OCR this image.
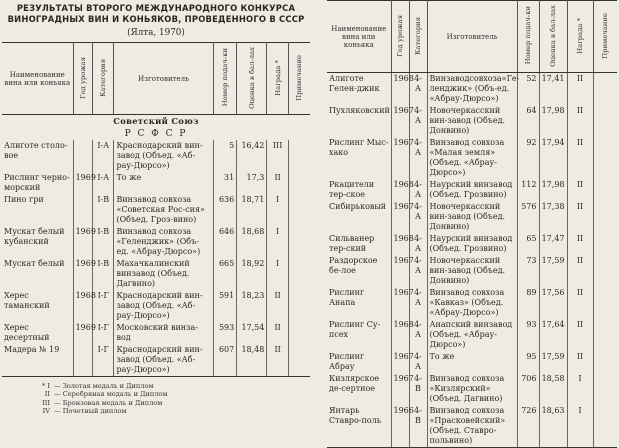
РЕЗУЛЬТАТЫ ВТОРОГО МЕЖДУНАРОДНОГО КОНКУРСА ВИНОГРАДНЫХ ВИН И КОНЬЯКОВ, ПРОВЕДЕННОГО В СССР
(Ялта, 1970)
Наименование вина или коньяка	Год урожая	Категория	Изготовитель	Номер подач-ки	Оценка в бал-лах	Награда *	Примечание
Советский Союз							
Р С Ф С Р							
Алиготе столо-вое		I-A	Краснодарский вин-завод (Объед. «Аб-рау-Дюрсо»)	5	16,42	III	
Рислинг черно-морский	1969	I-A	То же	31	17,3	II	
Пино гри		I-B	Винзавод совхоза «Советская Рос-сия» (Объед. Гроз-вино)	636	18,71	I	
Мускат белый кубанский	1969	I-B	Винзавод совхоза «Геленджик» (Объ-ед. «Абрау-Дюрсо»)	646	18,68	I	
Мускат белый	1969	I-B	Махачкалинский винзавод (Объед. Дагвино)	665	18,92	I	
Херес таманский	1968	I-Г	Краснодарский вин-завод (Объед. «Аб-рау-Дюрсо»)	591	18,23	II	
Херес десертный	1969	I-Г	Московский винза-вод	593	17,54	II	
Мадера № 19		I-Г	Краснодарский вин-завод (Объед. «Аб-рау-Дюрсо»)	607	18,48	II	
* I — Золотая медаль и Диплом
II — Серебряная медаль и Диплом
III — Бронзовая медаль и Диплом
IV — Почетный диплом
Наименование вина или коньяка	Год урожая	Категория	Изготовитель	Номер подач-ки	Оценка в бал-лах	Награда *	Примечание
Алиготе Гелен-джик	1968	4-A	Винзаводсовхоза«Ге-ленджик» (Объ-ед. «Абрау-Дюрсо»)	52	17,41	II	
Пухляковский	1967	4-A	Новочеркасский вин-завод (Объед. Донвино)	64	17,98	II	
Рислинг Мыс-хако	1967	4-A	Винзавод совхоза «Малая земля» (Объед. «Абрау-Дюрсо»)	92	17,94	II	
Ркацители тер-ское	1968	4-A	Наурский винзавод (Объед. Грозвино)	112	17,98	II	
Сибирьковый	1967	4-A	Новочеркасский вин-завод (Объед. Донвино)	576	17,38	II	
Сильванер тер-ский	1968	4-A	Наурский винзавод (Объед. Грозвино)	65	17,47	II	
Раздорское бе-лое	1967	4-A	Новочеркасский вин-завод (Объед. Донвино)	73	17,59	II	
Рислинг Анапа	1967	4-A	Винзавод совхоза «Кавказ» (Объед. «Абрау-Дюрсо»)	89	17,56	II	
Рислинг Су-псех	1968	4-A	Анапский винзавод (Объед. «Абрау-Дюрсо»)	93	17,64	II	
Рислинг Абрау	1967	4-A	То же	95	17,59	II	
Кизлярское де-сертное	1967	4-B	Винзавод совхоза «Кизлярский» (Объед. Дагвино)	706	18,58	I	
Янтарь Ставро-поль	1966	4-B	Винзавод совхоза «Прасковейский» (Объед. Ставро-польвино)	726	18,63	I	
